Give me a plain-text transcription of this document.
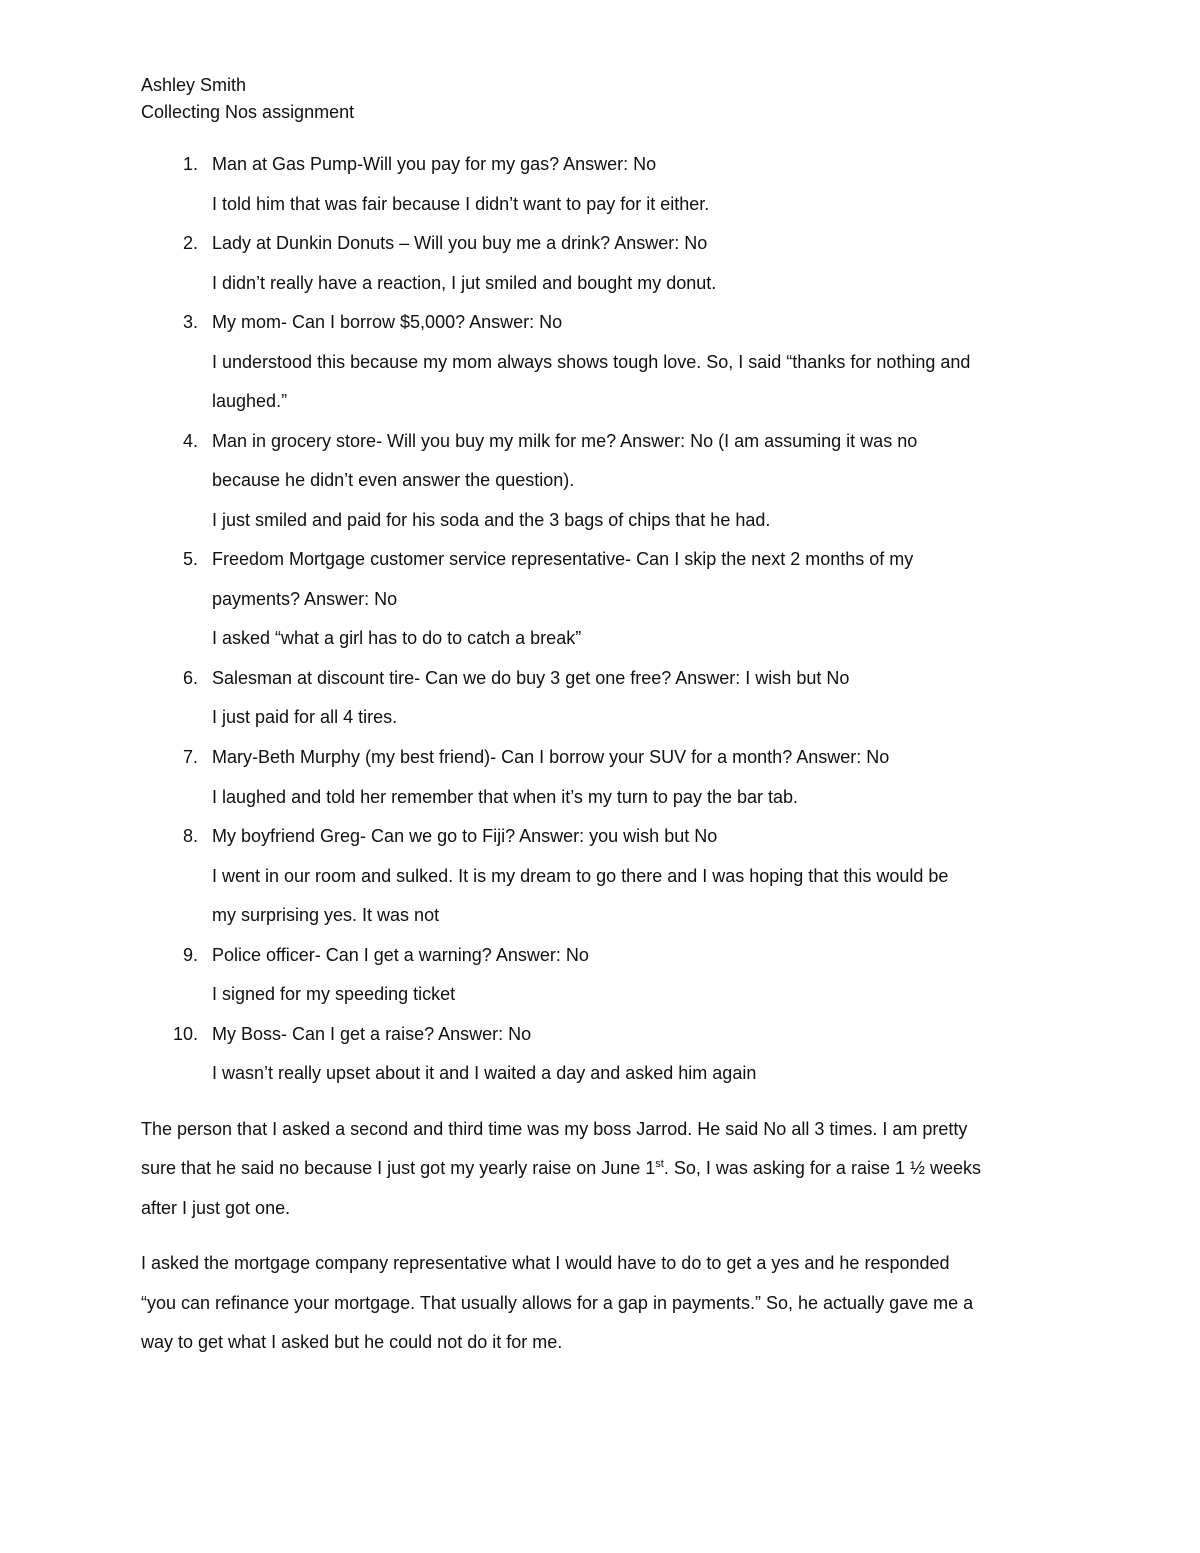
Ashley Smith
Collecting Nos assignment
1. Man at Gas Pump-Will you pay for my gas? Answer: No
I told him that was fair because I didn’t want to pay for it either.
2. Lady at Dunkin Donuts – Will you buy me a drink? Answer: No
I didn’t really have a reaction, I jut smiled and bought my donut.
3. My mom- Can I borrow $5,000? Answer: No
I understood this because my mom always shows tough love. So, I said “thanks for nothing and
laughed.”
4. Man in grocery store- Will you buy my milk for me? Answer: No (I am assuming it was no
because he didn’t even answer the question).
I just smiled and paid for his soda and the 3 bags of chips that he had.
5. Freedom Mortgage customer service representative- Can I skip the next 2 months of my
payments? Answer: No
I asked “what a girl has to do to catch a break”
6. Salesman at discount tire- Can we do buy 3 get one free? Answer: I wish but No
I just paid for all 4 tires.
7. Mary-Beth Murphy (my best friend)- Can I borrow your SUV for a month? Answer: No
I laughed and told her remember that when it’s my turn to pay the bar tab.
8. My boyfriend Greg- Can we go to Fiji? Answer: you wish but No
I went in our room and sulked. It is my dream to go there and I was hoping that this would be
my surprising yes. It was not
9. Police officer- Can I get a warning? Answer: No
I signed for my speeding ticket
10. My Boss- Can I get a raise? Answer: No
I wasn’t really upset about it and I waited a day and asked him again
The person that I asked a second and third time was my boss Jarrod. He said No all 3 times. I am pretty
sure that he said no because I just got my yearly raise on June 1st. So, I was asking for a raise 1 ½ weeks
after I just got one.
I asked the mortgage company representative what I would have to do to get a yes and he responded
“you can refinance your mortgage. That usually allows for a gap in payments.” So, he actually gave me a
way to get what I asked but he could not do it for me.
